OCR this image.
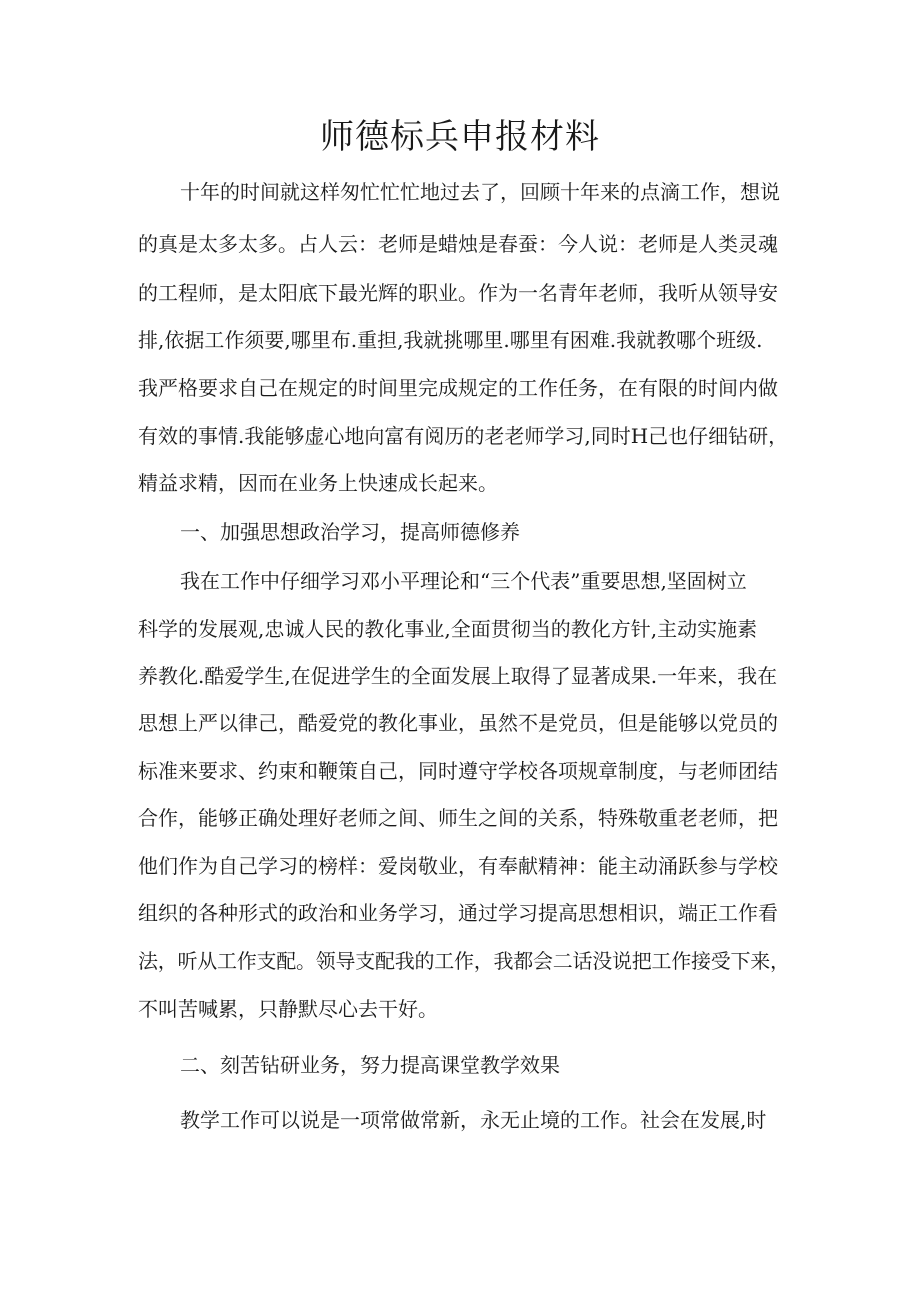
师德标兵申报材料
十年的时间就这样匆忙忙忙地过去了，回顾十年来的点滴工作，想说
的真是太多太多。占人云：老师是蜡烛是春蚕：今人说：老师是人类灵魂
的工程师，是太阳底下最光辉的职业。作为一名青年老师，我听从领导安
排,依据工作须要,哪里布.重担,我就挑哪里.哪里有困难.我就教哪个班级.
我严格要求自己在规定的时间里完成规定的工作任务，在有限的时间内做
有效的事情.我能够虚心地向富有阅历的老老师学习,同时H己也仔细钻研，
精益求精，因而在业务上快速成长起来。
一、加强思想政治学习，提高师德修养
我在工作中仔细学习邓小平理论和“三个代表”重要思想,坚固树立
科学的发展观,忠诚人民的教化事业,全面贯彻当的教化方针,主动实施素
养教化.酷爱学生,在促进学生的全面发展上取得了显著成果.一年来，我在
思想上严以律己，酷爱党的教化事业，虽然不是党员，但是能够以党员的
标准来要求、约束和鞭策自己，同时遵守学校各项规章制度，与老师团结
合作，能够正确处理好老师之间、师生之间的关系，特殊敬重老老师，把
他们作为自己学习的榜样：爱岗敬业，有奉献精神：能主动涌跃参与学校
组织的各种形式的政治和业务学习，通过学习提高思想相识，端正工作看
法，听从工作支配。领导支配我的工作，我都会二话没说把工作接受下来，
不叫苦喊累，只静默尽心去干好。
二、刻苦钻研业务，努力提高课堂教学效果
教学工作可以说是一项常做常新，永无止境的工作。社会在发展,时
